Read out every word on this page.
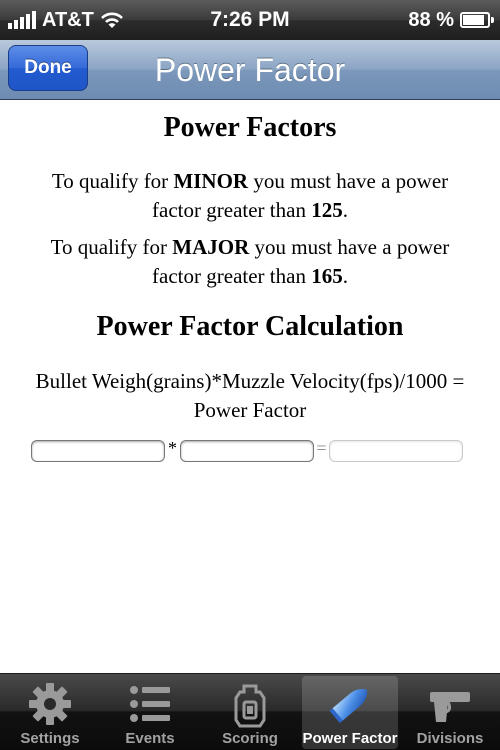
AT&T	7:26 PM	88 %
Power Factor
Done
Power Factors
To qualify for MINOR you must have a power factor greater than 125.
To qualify for MAJOR you must have a power factor greater than 165.
Power Factor Calculation
Bullet Weigh(grains)*Muzzle Velocity(fps)/1000 = Power Factor
*	=
Settings	Events	Scoring	Power Factor	Divisions
